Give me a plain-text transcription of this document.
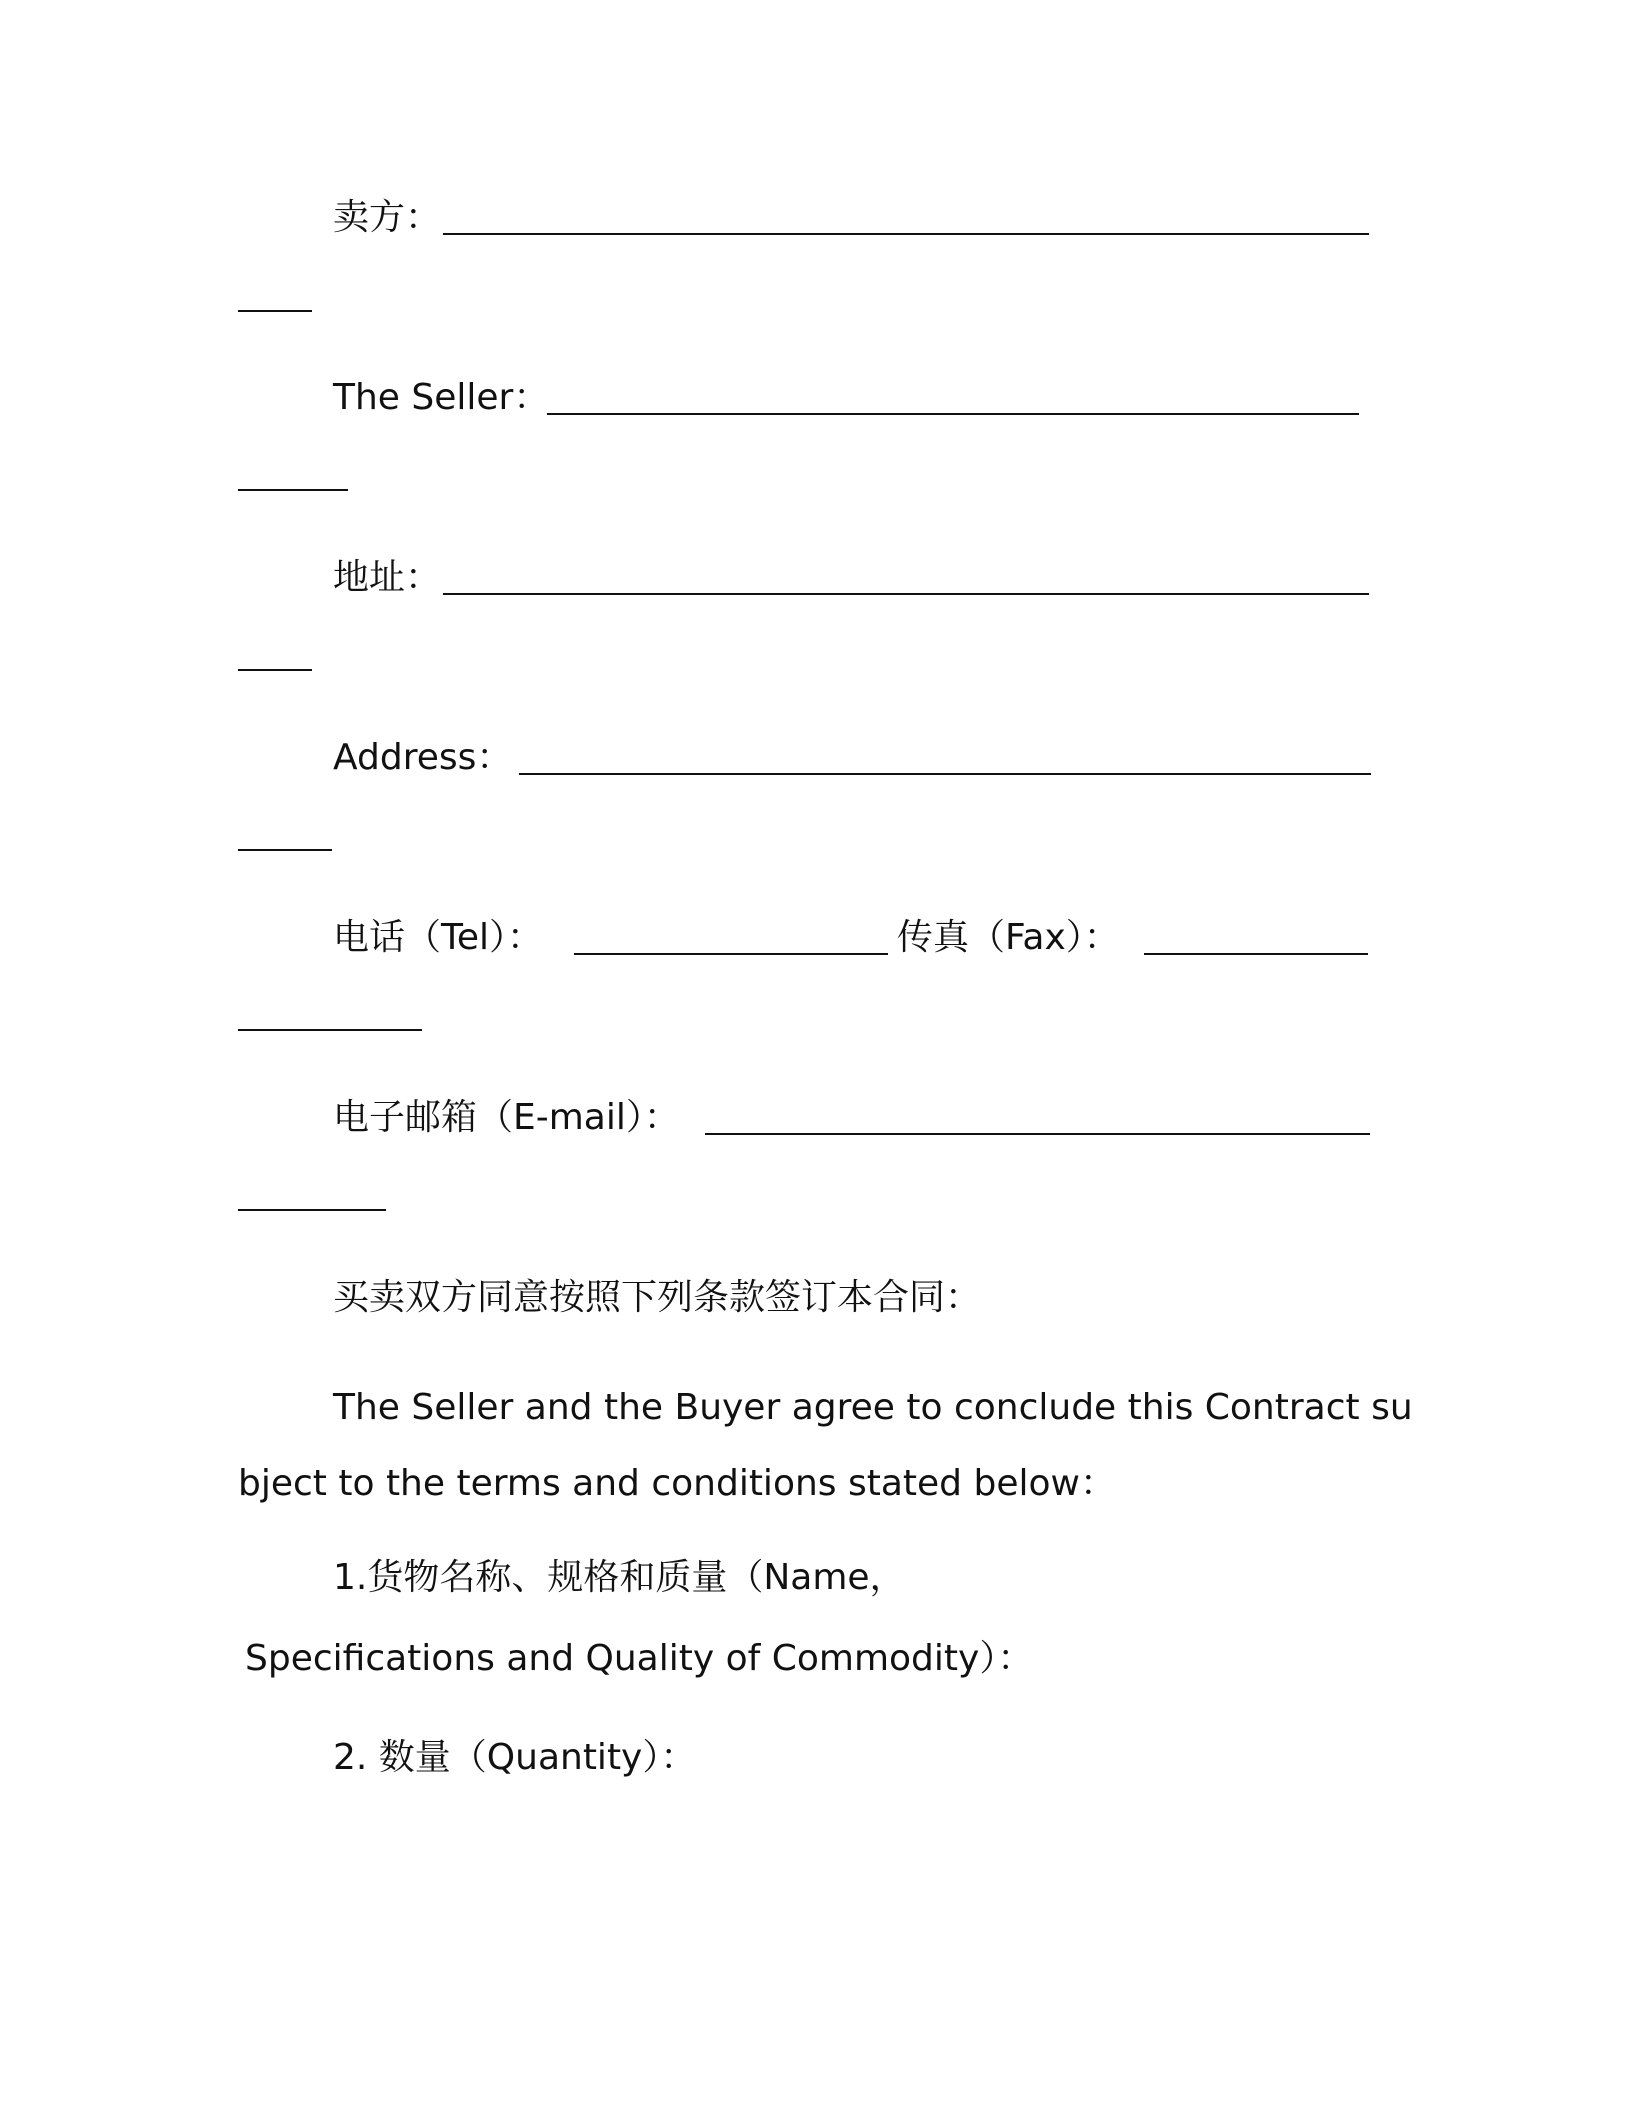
卖方：
The Seller：
地址：
Address：
电话（Tel）：	传真（Fax）：
电子邮箱（E-mail）：
买卖双方同意按照下列条款签订本合同：
The Seller and the Buyer agree to conclude this Contract su
bject to the terms and conditions stated below：
1.货物名称、规格和质量（Name，
Specifications and Quality of Commodity）：
2. 数量（Quantity）：
